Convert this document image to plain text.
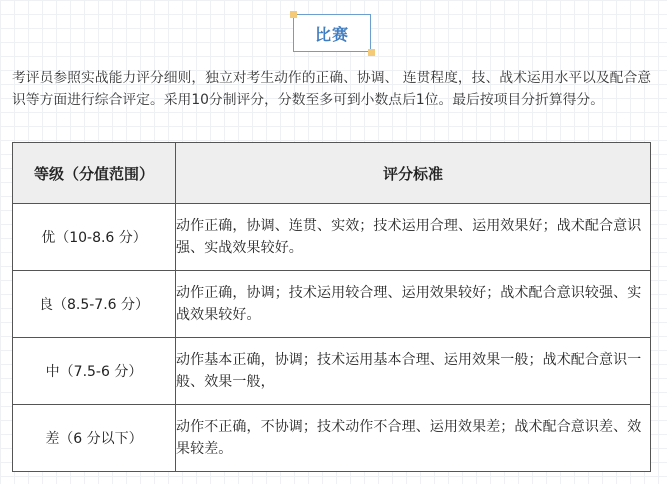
比赛

考评员参照实战能力评分细则，独立对考生动作的正确、协调、 连贯程度，技、战术运用水平以及配合意识等方面进行综合评定。采用10分制评分，分数至多可到小数点后1位。最后按项目分折算得分。

等级（分值范围）	评分标准
优（10-8.6 分）	动作正确，协调、连贯、实效；技术运用合理、运用效果好；战术配合意识强、实战效果较好。
良（8.5-7.6 分）	动作正确，协调；技术运用较合理、运用效果较好；战术配合意识较强、实战效果较好。
中（7.5-6 分）	动作基本正确，协调；技术运用基本合理、运用效果一般；战术配合意识一般、效果一般，
差（6 分以下）	动作不正确，不协调；技术动作不合理、运用效果差；战术配合意识差、效果较差。
